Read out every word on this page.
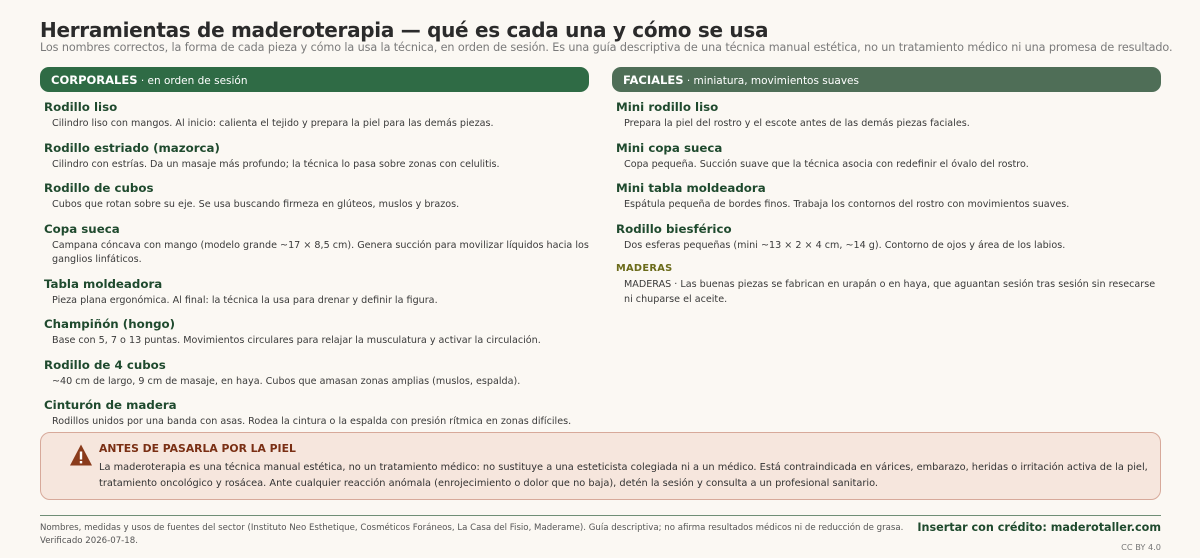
Herramientas de maderoterapia — qué es cada una y cómo se usa
Los nombres correctos, la forma de cada pieza y cómo la usa la técnica, en orden de sesión. Es una guía descriptiva de una técnica manual estética, no un tratamiento médico ni una promesa de resultado.
CORPORALES · en orden de sesión
Rodillo liso
Cilindro liso con mangos. Al inicio: calienta el tejido y prepara la piel para las demás piezas.
Rodillo estriado (mazorca)
Cilindro con estrías. Da un masaje más profundo; la técnica lo pasa sobre zonas con celulitis.
Rodillo de cubos
Cubos que rotan sobre su eje. Se usa buscando firmeza en glúteos, muslos y brazos.
Copa sueca
Campana cóncava con mango (modelo grande ~17 × 8,5 cm). Genera succión para movilizar líquidos hacia los ganglios linfáticos.
Tabla moldeadora
Pieza plana ergonómica. Al final: la técnica la usa para drenar y definir la figura.
Champiñón (hongo)
Base con 5, 7 o 13 puntas. Movimientos circulares para relajar la musculatura y activar la circulación.
Rodillo de 4 cubos
~40 cm de largo, 9 cm de masaje, en haya. Cubos que amasan zonas amplias (muslos, espalda).
Cinturón de madera
Rodillos unidos por una banda con asas. Rodea la cintura o la espalda con presión rítmica en zonas difíciles.
FACIALES · miniatura, movimientos suaves
Mini rodillo liso
Prepara la piel del rostro y el escote antes de las demás piezas faciales.
Mini copa sueca
Copa pequeña. Succión suave que la técnica asocia con redefinir el óvalo del rostro.
Mini tabla moldeadora
Espátula pequeña de bordes finos. Trabaja los contornos del rostro con movimientos suaves.
Rodillo biesférico
Dos esferas pequeñas (mini ~13 × 2 × 4 cm, ~14 g). Contorno de ojos y área de los labios.
MADERAS
MADERAS · Las buenas piezas se fabrican en urapán o en haya, que aguantan sesión tras sesión sin resecarse ni chuparse el aceite.
ANTES DE PASARLA POR LA PIEL
La maderoterapia es una técnica manual estética, no un tratamiento médico: no sustituye a una esteticista colegiada ni a un médico. Está contraindicada en várices, embarazo, heridas o irritación activa de la piel, tratamiento oncológico y rosácea. Ante cualquier reacción anómala (enrojecimiento o dolor que no baja), detén la sesión y consulta a un profesional sanitario.
Nombres, medidas y usos de fuentes del sector (Instituto Neo Esthetique, Cosméticos Foráneos, La Casa del Fisio, Maderame). Guía descriptiva; no afirma resultados médicos ni de reducción de grasa. Verificado 2026-07-18.
Insertar con crédito: maderotaller.com
CC BY 4.0
